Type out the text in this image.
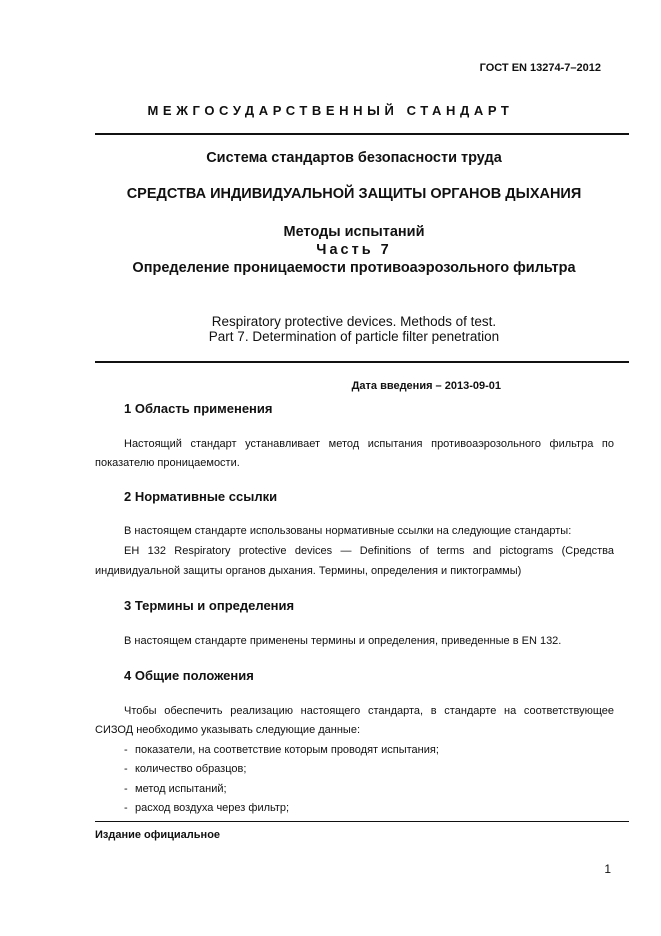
ГОСТ EN 13274-7–2012
МЕЖГОСУДАРСТВЕННЫЙ СТАНДАРТ
Система стандартов безопасности труда
СРЕДСТВА ИНДИВИДУАЛЬНОЙ ЗАЩИТЫ ОРГАНОВ ДЫХАНИЯ
Методы испытаний
Часть 7
Определение проницаемости противоаэрозольного фильтра
Respiratory protective devices. Methods of test.
Part 7. Determination of particle filter penetration
Дата введения – 2013-09-01
1 Область применения
Настоящий стандарт устанавливает метод испытания противоаэрозольного фильтра по
показателю проницаемости.
2 Нормативные ссылки
В настоящем стандарте использованы нормативные ссылки на следующие стандарты:
EH 132 Respiratory protective devices — Definitions of terms and pictograms (Средства
индивидуальной защиты органов дыхания. Термины, определения и пиктограммы)
3 Термины и определения
В настоящем стандарте применены термины и определения, приведенные в EN 132.
4 Общие положения
Чтобы обеспечить реализацию настоящего стандарта, в стандарте на соответствующее
СИЗОД необходимо указывать следующие данные:
- показатели, на соответствие которым проводят испытания;
- количество образцов;
- метод испытаний;
- расход воздуха через фильтр;
Издание официальное
1
